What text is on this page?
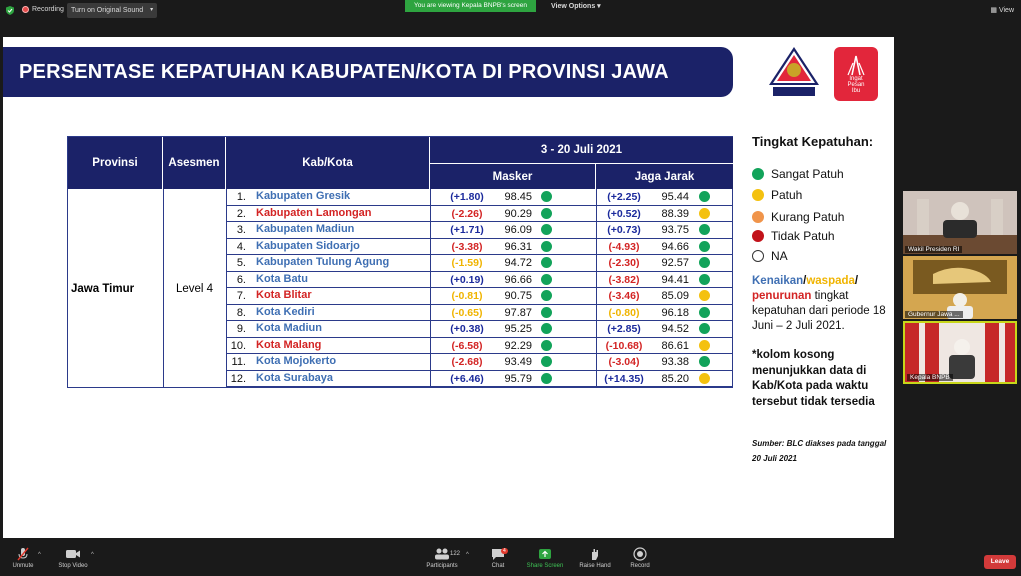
Recording	Turn on Original Sound ▾
You are viewing Kepala BNPB's screen	View Options ▾
▦ View
PERSENTASE KEPATUHAN KABUPATEN/KOTA DI PROVINSI JAWA TIMUR
Ingat
Pesan
Ibu
Provinsi	Asesmen	Kab/Kota
3 - 20 Juli 2021
Masker	Jaga Jarak
Jawa Timur	Level 4
1. Kabupaten Gresik	(+1.80)	98.45	(+2.25)	95.44
2. Kabupaten Lamongan	(-2.26)	90.29	(+0.52)	88.39
3. Kabupaten Madiun	(+1.71)	96.09	(+0.73)	93.75
4. Kabupaten Sidoarjo	(-3.38)	96.31	(-4.93)	94.66
5. Kabupaten Tulung Agung	(-1.59)	94.72	(-2.30)	92.57
6. Kota Batu	(+0.19)	96.66	(-3.82)	94.41
7. Kota Blitar	(-0.81)	90.75	(-3.46)	85.09
8. Kota Kediri	(-0.65)	97.87	(-0.80)	96.18
9. Kota Madiun	(+0.38)	95.25	(+2.85)	94.52
10. Kota Malang	(-6.58)	92.29	(-10.68)	86.61
11. Kota Mojokerto	(-2.68)	93.49	(-3.04)	93.38
12. Kota Surabaya	(+6.46)	95.79	(+14.35)	85.20
Tingkat Kepatuhan:
Sangat Patuh
Patuh
Kurang Patuh
Tidak Patuh
NA
Kenaikan/waspada/
penurunan tingkat kepatuhan dari periode 18 Juni – 2 Juli 2021.
*kolom kosong menunjukkan data di Kab/Kota pada waktu tersebut tidak tersedia
Sumber: BLC diakses pada tanggal 20 Juli 2021
Wakil Presiden RI
Gubernur Jawa ...
Kepala BNPB
Unmute
^
Stop Video
^
Participants
122 ^
Chat
4
Share Screen	Raise Hand	Record
Leave
